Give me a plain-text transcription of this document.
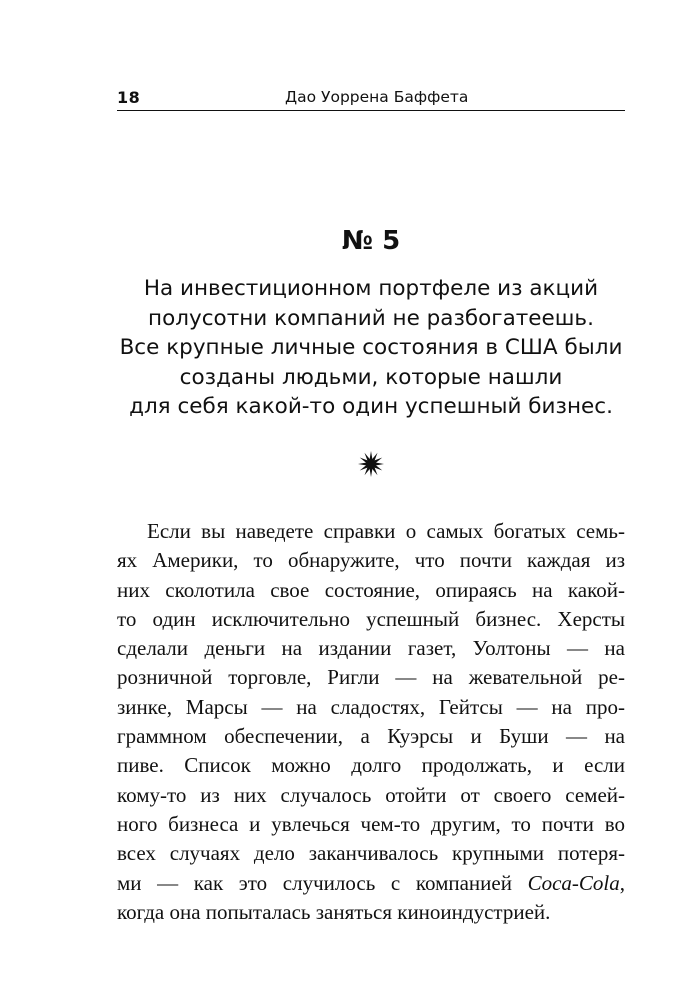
18	Дао Уоррена Баффета
№ 5
На инвестиционном портфеле из акций
полусотни компаний не разбогатеешь.
Все крупные личные состояния в США были
созданы людьми, которые нашли
для себя какой-то один успешный бизнес.
Если вы наведете справки о самых богатых семь-
ях Америки, то обнаружите, что почти каждая из
них сколотила свое состояние, опираясь на какой-
то один исключительно успешный бизнес. Херсты
сделали деньги на издании газет, Уолтоны — на
розничной торговле, Ригли — на жевательной ре-
зинке, Марсы — на сладостях, Гейтсы — на про-
граммном обеспечении, а Куэрсы и Буши — на
пиве. Список можно долго продолжать, и если
кому-то из них случалось отойти от своего семей-
ного бизнеса и увлечься чем-то другим, то почти во
всех случаях дело заканчивалось крупными потеря-
ми — как это случилось с компанией Coca-Cola,
когда она попыталась заняться киноиндустрией.
